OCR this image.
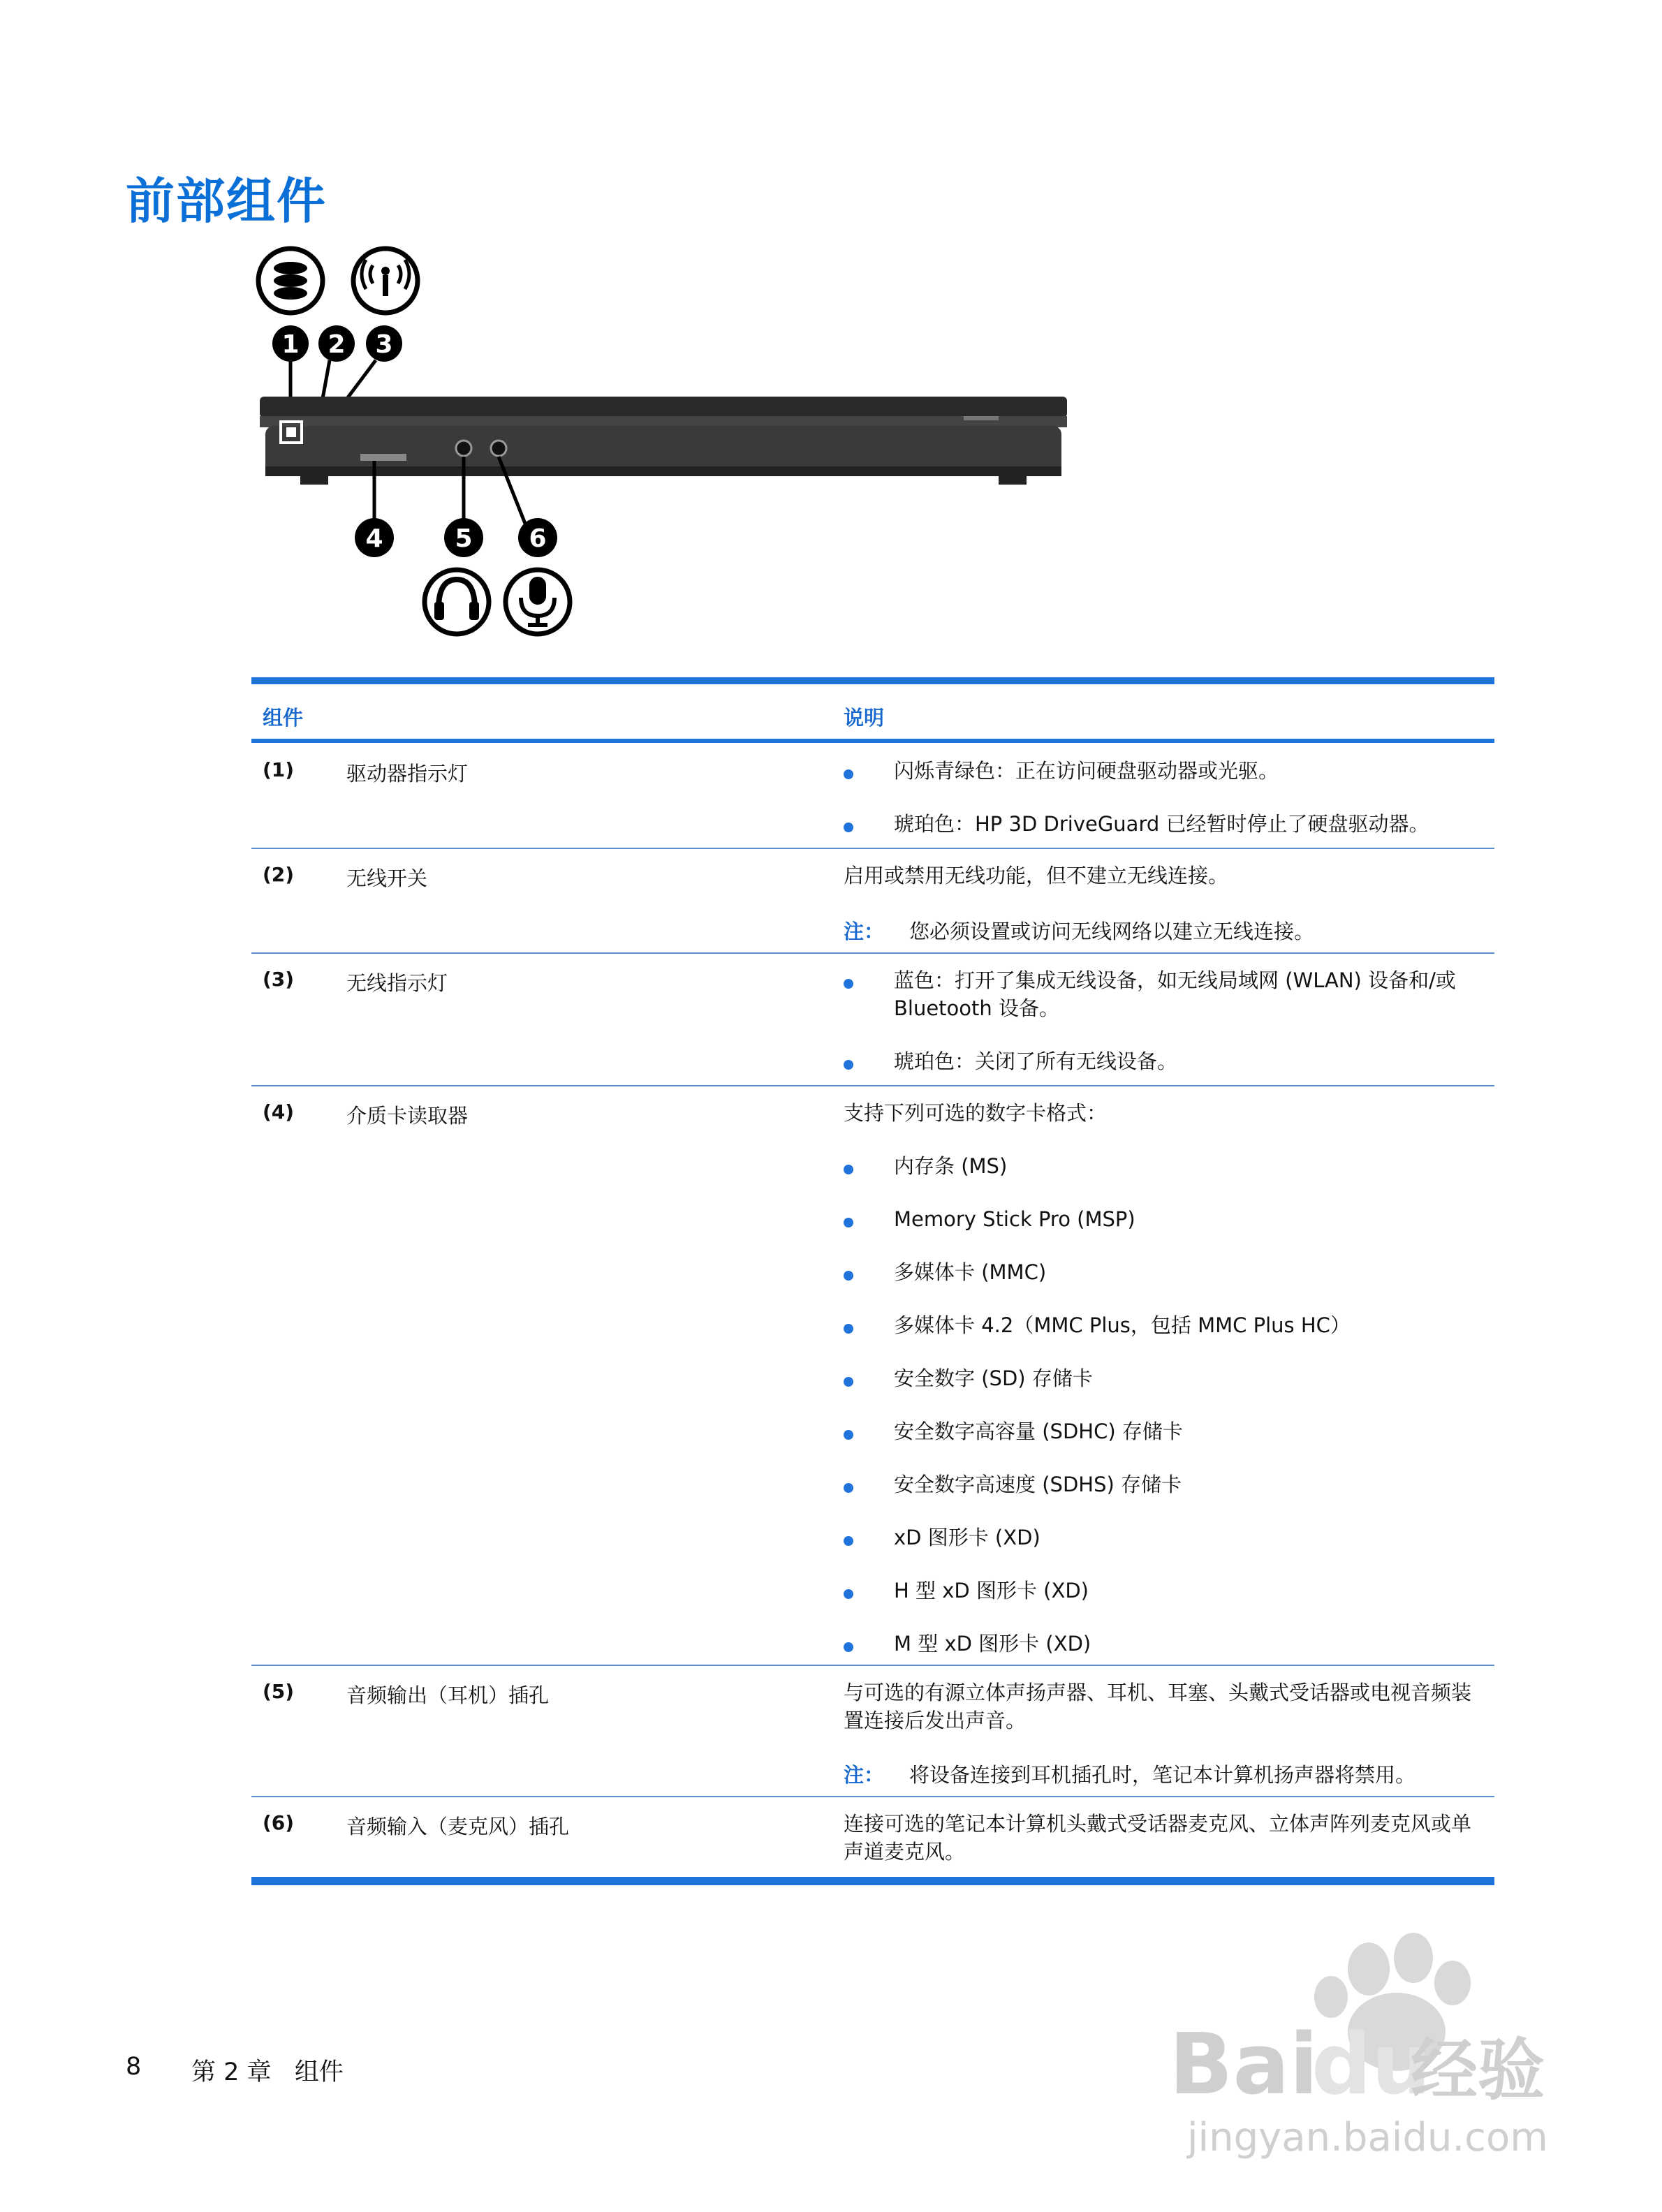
前部组件
1 2 3
4	5 6
组件	说明
(1)	驱动器指示灯	闪烁青绿色：正在访问硬盘驱动器或光驱。
琥珀色：HP 3D DriveGuard 已经暂时停止了硬盘驱动器。
(2)	无线开关	启用或禁用无线功能，但不建立无线连接。
注： 您必须设置或访问无线网络以建立无线连接。
(3)	无线指示灯	蓝色：打开了集成无线设备，如无线局域网 (WLAN) 设备和/或 Bluetooth 设备。
琥珀色：关闭了所有无线设备。
(4)	介质卡读取器	支持下列可选的数字卡格式：
内存条 (MS)
Memory Stick Pro (MSP)
多媒体卡 (MMC)
多媒体卡 4.2（MMC Plus，包括 MMC Plus HC）
安全数字 (SD) 存储卡
安全数字高容量 (SDHC) 存储卡
安全数字高速度 (SDHS) 存储卡
xD 图形卡 (XD)
H 型 xD 图形卡 (XD)
M 型 xD 图形卡 (XD)
(5)	音频输出（耳机）插孔	与可选的有源立体声扬声器、耳机、耳塞、头戴式受话器或电视音频装置连接后发出声音。
注： 将设备连接到耳机插孔时，笔记本计算机扬声器将禁用。
(6)	音频输入（麦克风）插孔	连接可选的笔记本计算机头戴式受话器麦克风、立体声阵列麦克风或单声道麦克风。
8 第 2 章   组件	Bai
du
经验
jingyan.baidu.com
